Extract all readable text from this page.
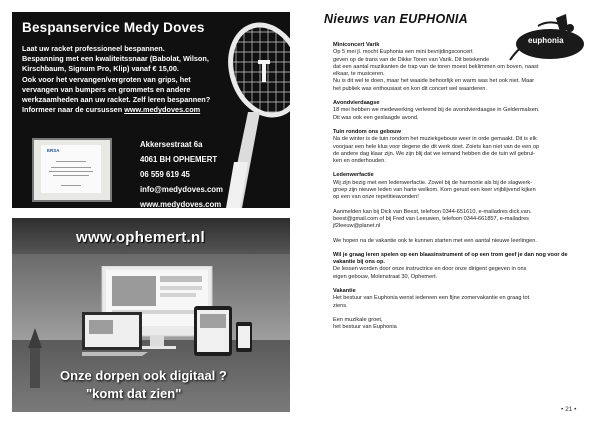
Bespanservice Medy Doves
Laat uw racket professioneel bespannen.
Bespanning met een kwaliteitssnaar (Babolat, Wilson,
Kirschbaum, Signum Pro, Klip) vanaf € 15,00.
Ook voor het vervangen/vergroten van grips, het
vervangen van bumpers en grommets en andere
werkzaamheden aan uw racket. Zelf leren bespannen?
Informeer naar de cursussen www.medydoves.com
ERSA
Akkersestraat 6a
4061 BH OPHEMERT
06 559 619 45
info@medydoves.com
www.medydoves.com
www.ophemert.nl
Onze dorpen ook digitaal ?
"komt dat zien"
Nieuws van EUPHONIA
euphonia
Miniconcert Varik
Op 5 mei jl. mocht Euphonia een mini bevrijdingsconcert
geven op de trans van de Dikke Toren van Varik. Dit betekende
dat een aantal muzikanten de trap van de toren moest beklimmen om boven, naast
elkaar, te musiceren.
Nu is dit wel te doen, maar het waaide behoorlijk en warm was het ook niet. Maar
het publiek was enthousiast en kon dit concert wel waarderen.
Avondvierdaagse
18 mei hebben we medewerking verleend bij de avondvierdaagse in Geldermalsen.
Dit was ook een geslaagde avond.
Tuin rondom ons gebouw
Na de winter is de tuin rondom het muziekgebouw weer in orde gemaakt. Dit is elk
voorjaar een hele klus voor degene die dit werk doet. Zoiets kan niet van de een op
de andere dag klaar zijn. We zijn blij dat we iemand hebben die de tuin wil gebrui-
ken en onderhouden.
Ledenwerfactie
Wij zijn bezig met een ledenwerfactie. Zowel bij de harmonie als bij de slagwerk-
groep zijn nieuwe leden van harte welkom. Kom gerust een keer vrijblijvend kijken
op een van onze repetitieavonden!
Aanmelden kan bij Dick van Beest, telefoon 0344-651610, e-mailadres dick.van.
beest@gmail.com of bij Fred van Leeuwen, telefoon 0344-661857, e-mailadres
jf2leeuw@planet.nl
We hopen na de vakantie ook te kunnen starten met een aantal nieuwe leerlingen.
Wil je graag leren spelen op een blaasinstrument of op een trom geef je dan nog voor de vakantie bij ons op.
De lessen worden door onze instructrice en door onze dirigent gegeven in ons
eigen gebouw, Molenstraat 30, Ophemert.
Vakantie
Het bestuur van Euphonia wenst iedereen een fijne zomervakantie en graag tot
ziens.
Een muzikale groet,
het bestuur van Euphonia
• 21 •
